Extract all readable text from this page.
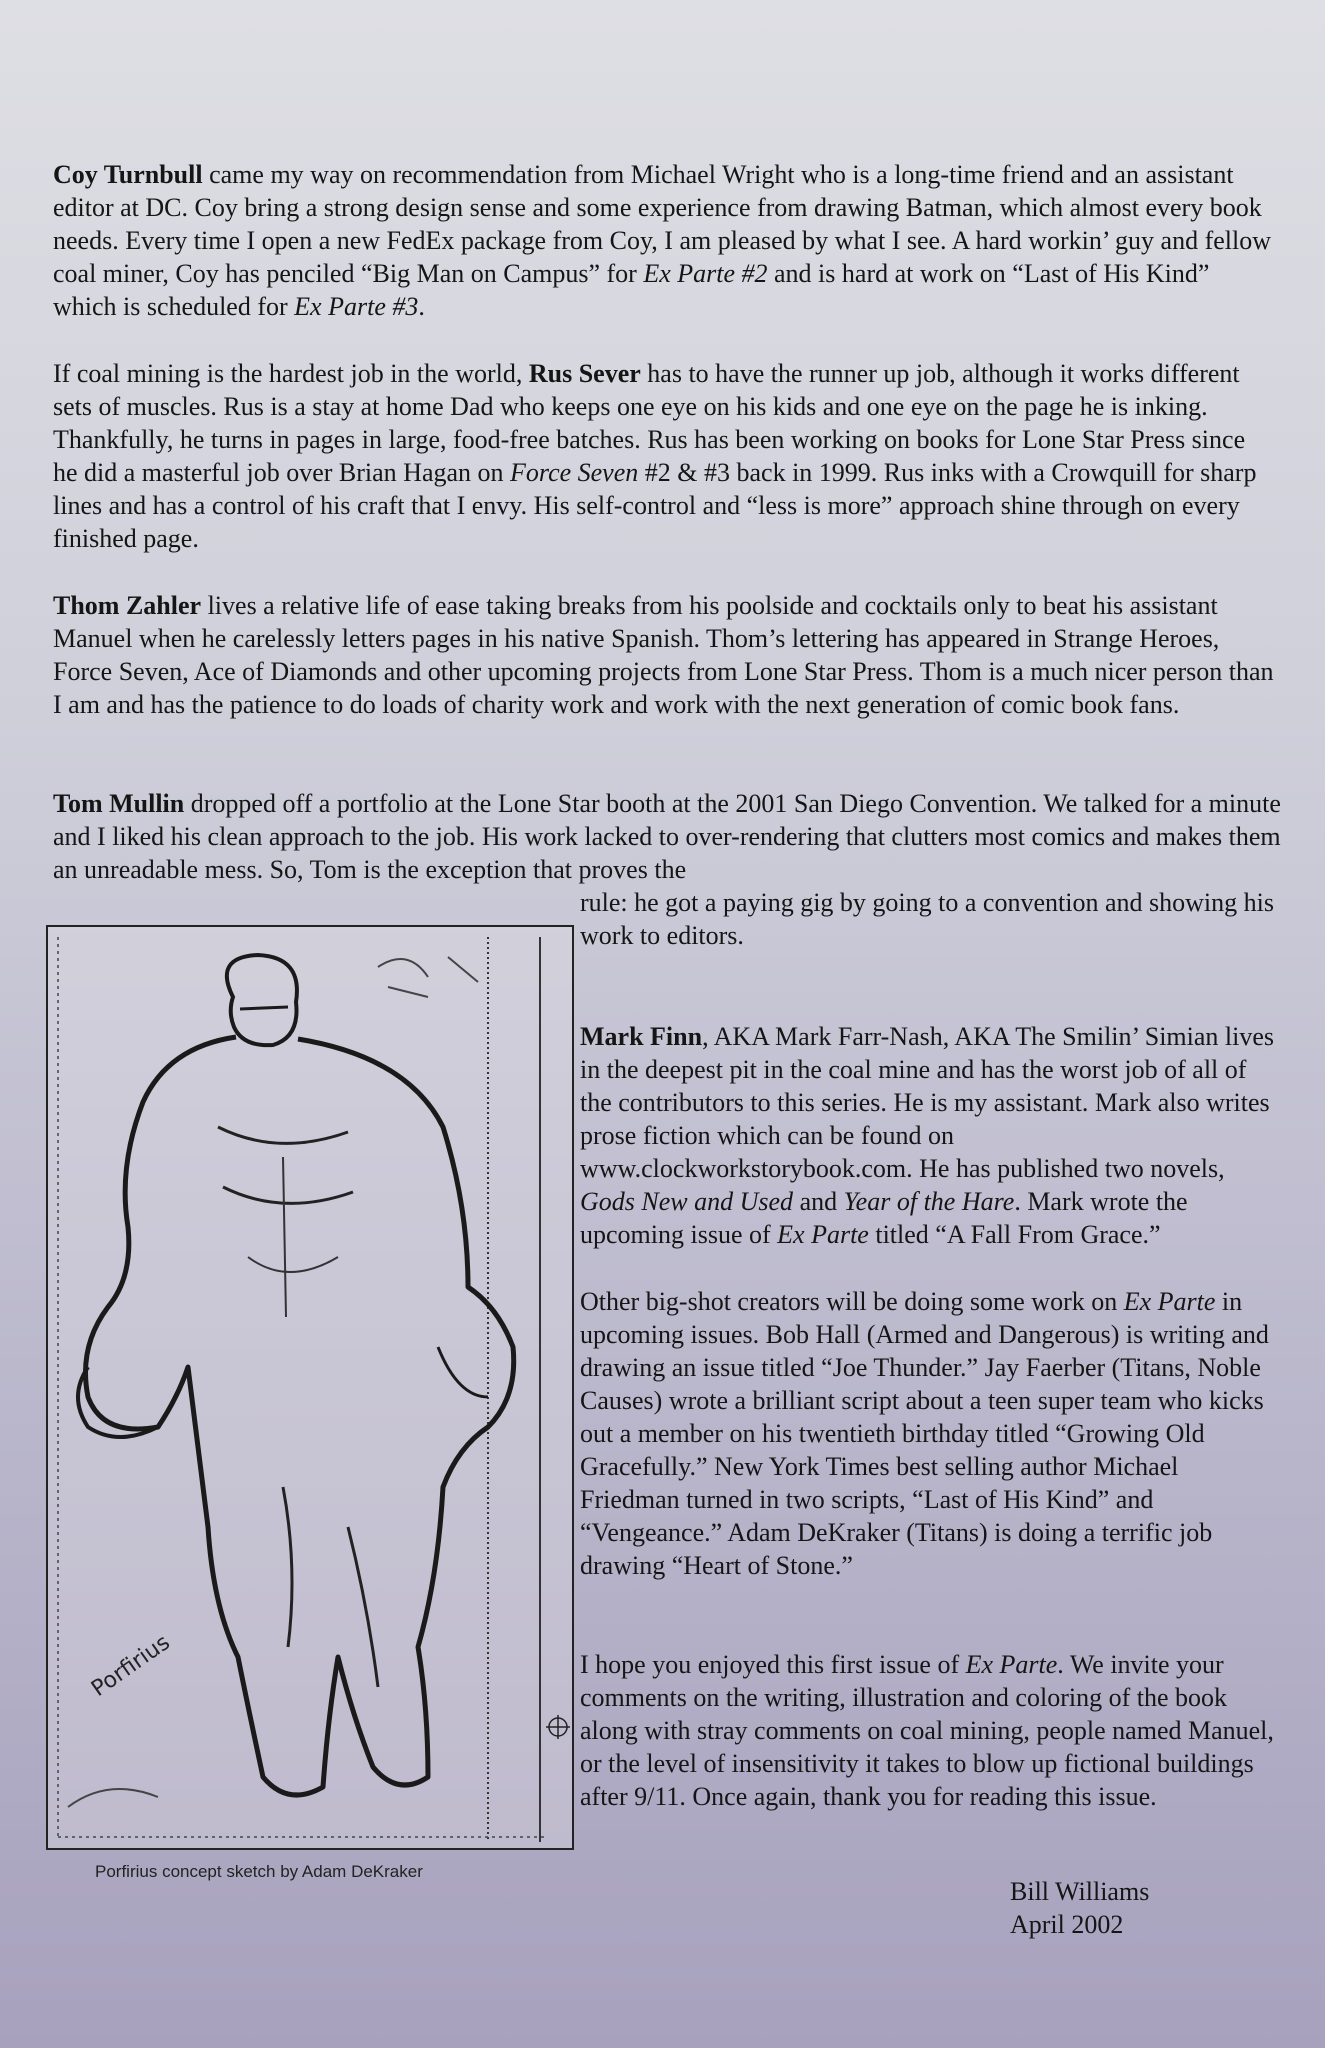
Coy Turnbull came my way on recommendation from Michael Wright who is a long-time friend and an assistant editor at DC. Coy bring a strong design sense and some experience from drawing Batman, which almost every book needs. Every time I open a new FedEx package from Coy, I am pleased by what I see. A hard workin’ guy and fellow coal miner, Coy has penciled “Big Man on Campus” for Ex Parte #2 and is hard at work on “Last of His Kind” which is scheduled for Ex Parte #3.

If coal mining is the hardest job in the world, Rus Sever has to have the runner up job, although it works different sets of muscles. Rus is a stay at home Dad who keeps one eye on his kids and one eye on the page he is inking. Thankfully, he turns in pages in large, food-free batches. Rus has been working on books for Lone Star Press since he did a masterful job over Brian Hagan on Force Seven #2 & #3 back in 1999. Rus inks with a Crowquill for sharp lines and has a control of his craft that I envy. His self-control and “less is more” approach shine through on every finished page.

Thom Zahler lives a relative life of ease taking breaks from his poolside and cocktails only to beat his assistant Manuel when he carelessly letters pages in his native Spanish. Thom’s lettering has appeared in Strange Heroes, Force Seven, Ace of Diamonds and other upcoming projects from Lone Star Press. Thom is a much nicer person than I am and has the patience to do loads of charity work and work with the next generation of comic book fans.

Tom Mullin dropped off a portfolio at the Lone Star booth at the 2001 San Diego Convention. We talked for a minute and I liked his clean approach to the job. His work lacked to over-rendering that clutters most comics and makes them an unreadable mess. So, Tom is the exception that proves the

rule: he got a paying gig by going to a convention and showing his work to editors.

Mark Finn, AKA Mark Farr-Nash, AKA The Smilin’ Simian lives in the deepest pit in the coal mine and has the worst job of all of the contributors to this series. He is my assistant. Mark also writes prose fiction which can be found on www.clockworkstorybook.com. He has published two novels, Gods New and Used and Year of the Hare. Mark wrote the upcoming issue of Ex Parte titled “A Fall From Grace.”

Other big-shot creators will be doing some work on Ex Parte in upcoming issues. Bob Hall (Armed and Dangerous) is writing and drawing an issue titled “Joe Thunder.” Jay Faerber (Titans, Noble Causes) wrote a brilliant script about a teen super team who kicks out a member on his twentieth birthday titled “Growing Old Gracefully.” New York Times best selling author Michael Friedman turned in two scripts, “Last of His Kind” and “Vengeance.” Adam DeKraker (Titans) is doing a terrific job drawing “Heart of Stone.”

I hope you enjoyed this first issue of Ex Parte. We invite your comments on the writing, illustration and coloring of the book along with stray comments on coal mining, people named Manuel, or the level of insensitivity it takes to blow up fictional buildings after 9/11. Once again, thank you for reading this issue.

Porfirius
Porfirius concept sketch by Adam DeKraker
Bill Williams
April 2002
